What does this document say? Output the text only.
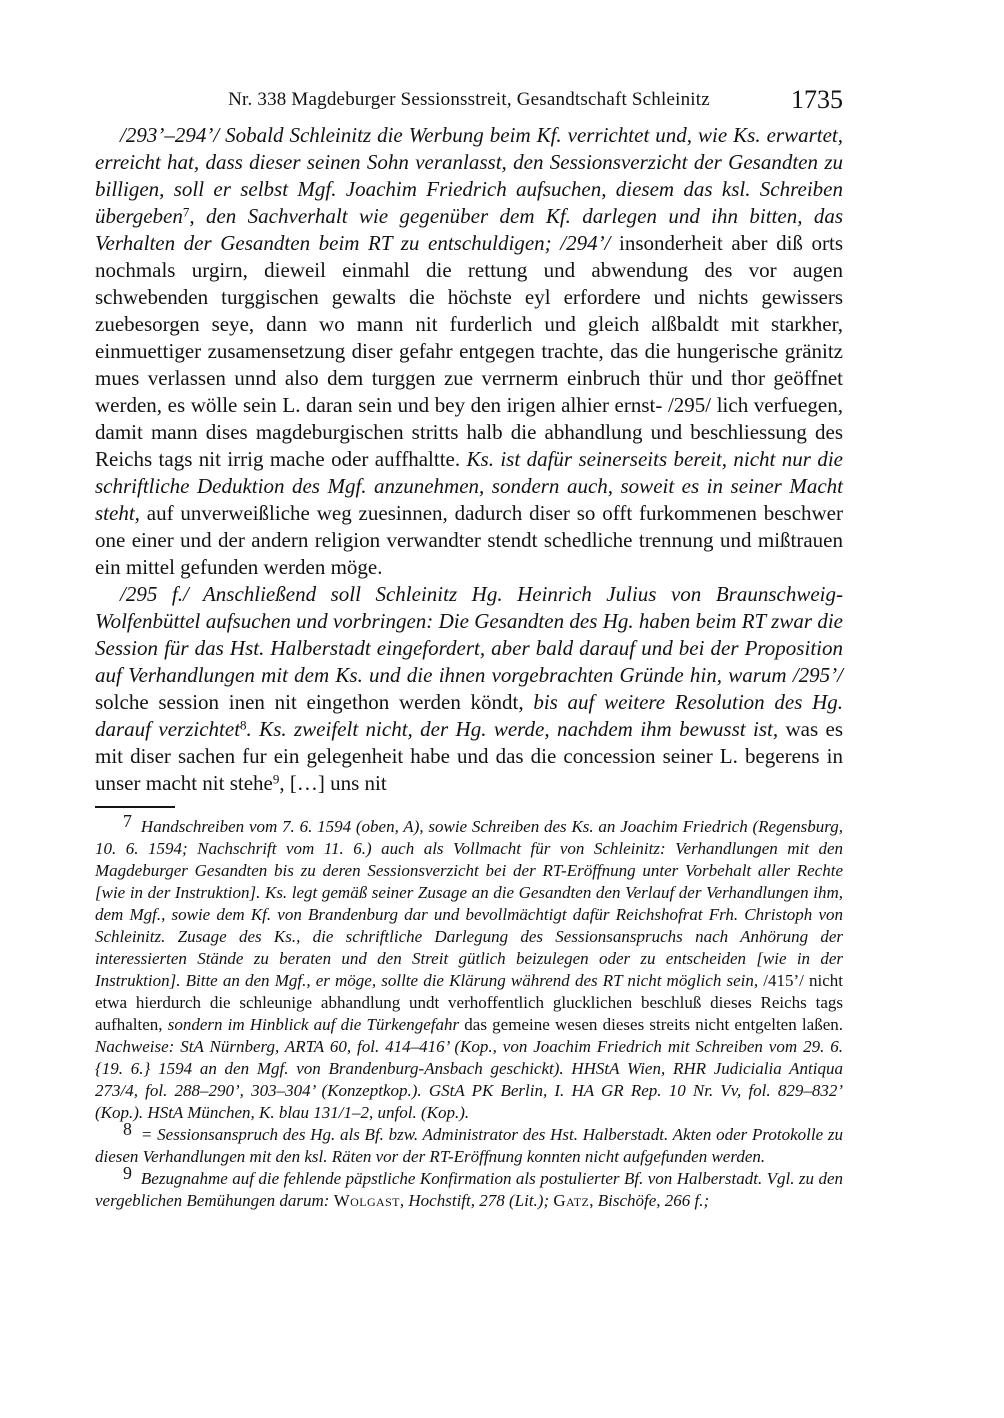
Nr. 338 Magdeburger Sessionsstreit, Gesandtschaft Schleinitz	1735

/293’–294’/ Sobald Schleinitz die Werbung beim Kf. verrichtet und, wie Ks. erwartet, erreicht hat, dass dieser seinen Sohn veranlasst, den Sessionsverzicht der Gesandten zu billigen, soll er selbst Mgf. Joachim Friedrich aufsuchen, diesem das ksl. Schreiben übergeben$^7$, den Sachverhalt wie gegenüber dem Kf. darlegen und ihn bitten, das Verhalten der Gesandten beim RT zu entschuldigen; /294’/ insonderheit aber diß orts nochmals urgirn, dieweil einmahl die rettung und abwendung des vor augen schwebenden turggischen gewalts die höchste eyl erfordere und nichts gewissers zuebesorgen seye, dann wo mann nit furderlich und gleich alßbaldt mit starkher, einmuettiger zusamensetzung diser gefahr entgegen trachte, das die hungerische gränitz mues verlassen unnd also dem turggen zue verrnerm einbruch thür und thor geöffnet werden, es wölle sein L. daran sein und bey den irigen alhier ernst- /295/ lich verfuegen, damit mann dises magdeburgischen stritts halb die abhandlung und beschliessung des Reichs tags nit irrig mache oder auffhaltte. Ks. ist dafür seinerseits bereit, nicht nur die schriftliche Deduktion des Mgf. anzunehmen, sondern auch, soweit es in seiner Macht steht, auf unverweißliche weg zuesinnen, dadurch diser so offt furkommenen beschwer one einer und der andern religion verwandter stendt schedliche trennung und mißtrauen ein mittel gefunden werden möge.

/295 f./ Anschließend soll Schleinitz Hg. Heinrich Julius von Braunschweig-Wolfenbüttel aufsuchen und vorbringen: Die Gesandten des Hg. haben beim RT zwar die Session für das Hst. Halberstadt eingefordert, aber bald darauf und bei der Proposition auf Verhandlungen mit dem Ks. und die ihnen vorgebrachten Gründe hin, warum /295’/ solche session inen nit eingethon werden köndt, bis auf weitere Resolution des Hg. darauf verzichtet$^8$. Ks. zweifelt nicht, der Hg. werde, nachdem ihm bewusst ist, was es mit diser sachen fur ein gelegenheit habe und das die concession seiner L. begerens in unser macht nit stehe$^9$, […] uns nit

7 Handschreiben vom 7. 6. 1594 (oben, A), sowie Schreiben des Ks. an Joachim Friedrich (Regensburg, 10. 6. 1594; Nachschrift vom 11. 6.) auch als Vollmacht für von Schleinitz: Verhandlungen mit den Magdeburger Gesandten bis zu deren Sessionsverzicht bei der RT-Eröffnung unter Vorbehalt aller Rechte [wie in der Instruktion]. Ks. legt gemäß seiner Zusage an die Gesandten den Verlauf der Verhandlungen ihm, dem Mgf., sowie dem Kf. von Brandenburg dar und bevollmächtigt dafür Reichshofrat Frh. Christoph von Schleinitz. Zusage des Ks., die schriftliche Darlegung des Sessionsanspruchs nach Anhörung der interessierten Stände zu beraten und den Streit gütlich beizulegen oder zu entscheiden [wie in der Instruktion]. Bitte an den Mgf., er möge, sollte die Klärung während des RT nicht möglich sein, /415’/ nicht etwa hierdurch die schleunige abhandlung undt verhoffentlich glucklichen beschluß dieses Reichs tags aufhalten, sondern im Hinblick auf die Türkengefahr das gemeine wesen dieses streits nicht entgelten laßen. Nachweise: StA Nürnberg, ARTA 60, fol. 414–416’ (Kop., von Joachim Friedrich mit Schreiben vom 29. 6. {19. 6.} 1594 an den Mgf. von Brandenburg-Ansbach geschickt). HHStA Wien, RHR Judicialia Antiqua 273/4, fol. 288–290’, 303–304’ (Konzeptkop.). GStA PK Berlin, I. HA GR Rep. 10 Nr. Vv, fol. 829–832’ (Kop.). HStA München, K. blau 131/1–2, unfol. (Kop.).

8 = Sessionsanspruch des Hg. als Bf. bzw. Administrator des Hst. Halberstadt. Akten oder Protokolle zu diesen Verhandlungen mit den ksl. Räten vor der RT-Eröffnung konnten nicht aufgefunden werden.

9 Bezugnahme auf die fehlende päpstliche Konfirmation als postulierter Bf. von Halberstadt. Vgl. zu den vergeblichen Bemühungen darum: Wolgast, Hochstift, 278 (Lit.); Gatz, Bischöfe, 266 f.;
